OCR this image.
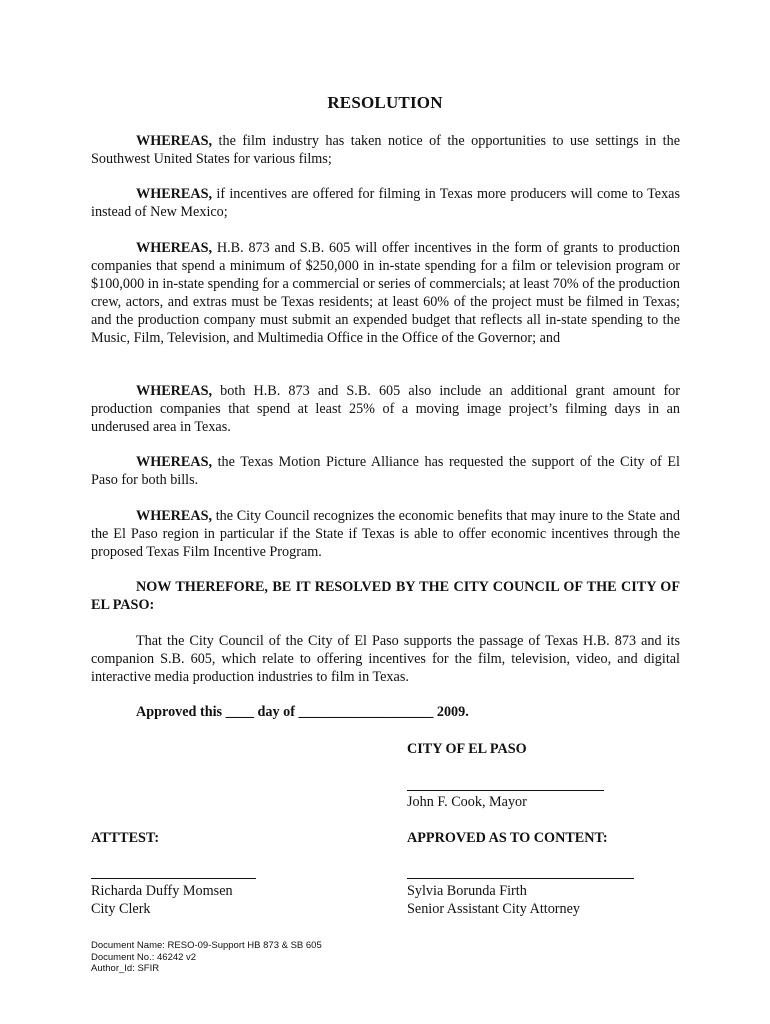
RESOLUTION

WHEREAS, the film industry has taken notice of the opportunities to use settings in the Southwest United States for various films;

WHEREAS, if incentives are offered for filming in Texas more producers will come to Texas instead of New Mexico;

WHEREAS, H.B. 873 and S.B. 605 will offer incentives in the form of grants to production companies that spend a minimum of $250,000 in in-state spending for a film or television program or $100,000 in in-state spending for a commercial or series of commercials; at least 70% of the production crew, actors, and extras must be Texas residents; at least 60% of the project must be filmed in Texas; and the production company must submit an expended budget that reflects all in-state spending to the Music, Film, Television, and Multimedia Office in the Office of the Governor; and

WHEREAS, both H.B. 873 and S.B. 605 also include an additional grant amount for production companies that spend at least 25% of a moving image project’s filming days in an underused area in Texas.

WHEREAS, the Texas Motion Picture Alliance has requested the support of the City of El Paso for both bills.

WHEREAS, the City Council recognizes the economic benefits that may inure to the State and the El Paso region in particular if the State if Texas is able to offer economic incentives through the proposed Texas Film Incentive Program.

NOW THEREFORE, BE IT RESOLVED BY THE CITY COUNCIL OF THE CITY OF EL PASO:

That the City Council of the City of El Paso supports the passage of Texas H.B. 873 and its companion S.B. 605, which relate to offering incentives for the film, television, video, and digital interactive media production industries to film in Texas.

Approved this ____ day of ___________________ 2009.
CITY OF EL PASO
John F. Cook, Mayor
ATTTEST:	APPROVED AS TO CONTENT:
Richarda Duffy Momsen
City Clerk
Sylvia Borunda Firth
Senior Assistant City Attorney
Document Name: RESO-09-Support HB 873 & SB 605
Document No.: 46242 v2
Author_Id: SFIR
